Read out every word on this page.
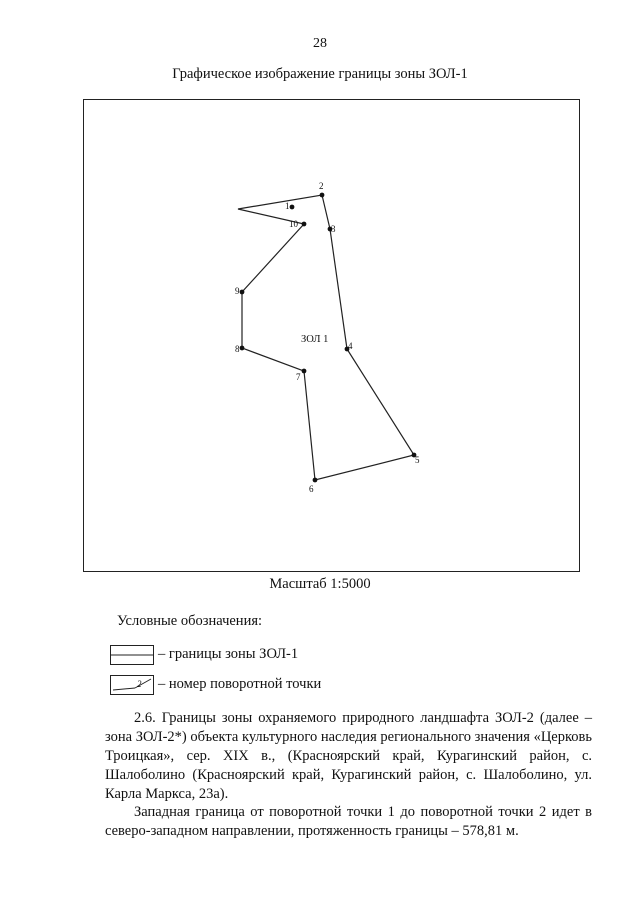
28
Графическое изображение границы зоны ЗОЛ-1
1
2
3
4
5
6
7
8
9
10
ЗОЛ 1
Масштаб 1:5000
Условные обозначения:
– границы зоны ЗОЛ-1
2 – номер поворотной точки
2.6. Границы зоны охраняемого природного ландшафта ЗОЛ-2 (далее – зона ЗОЛ-2*) объекта культурного наследия регионального значения «Церковь Троицкая», сер. XIX в., (Красноярский край, Курагинский район, с. Шалоболино (Красноярский край, Курагинский район, с. Шалоболино, ул. Карла Маркса, 23а).
Западная граница от поворотной точки 1 до поворотной точки 2 идет в северо-западном направлении, протяженность границы – 578,81 м.
